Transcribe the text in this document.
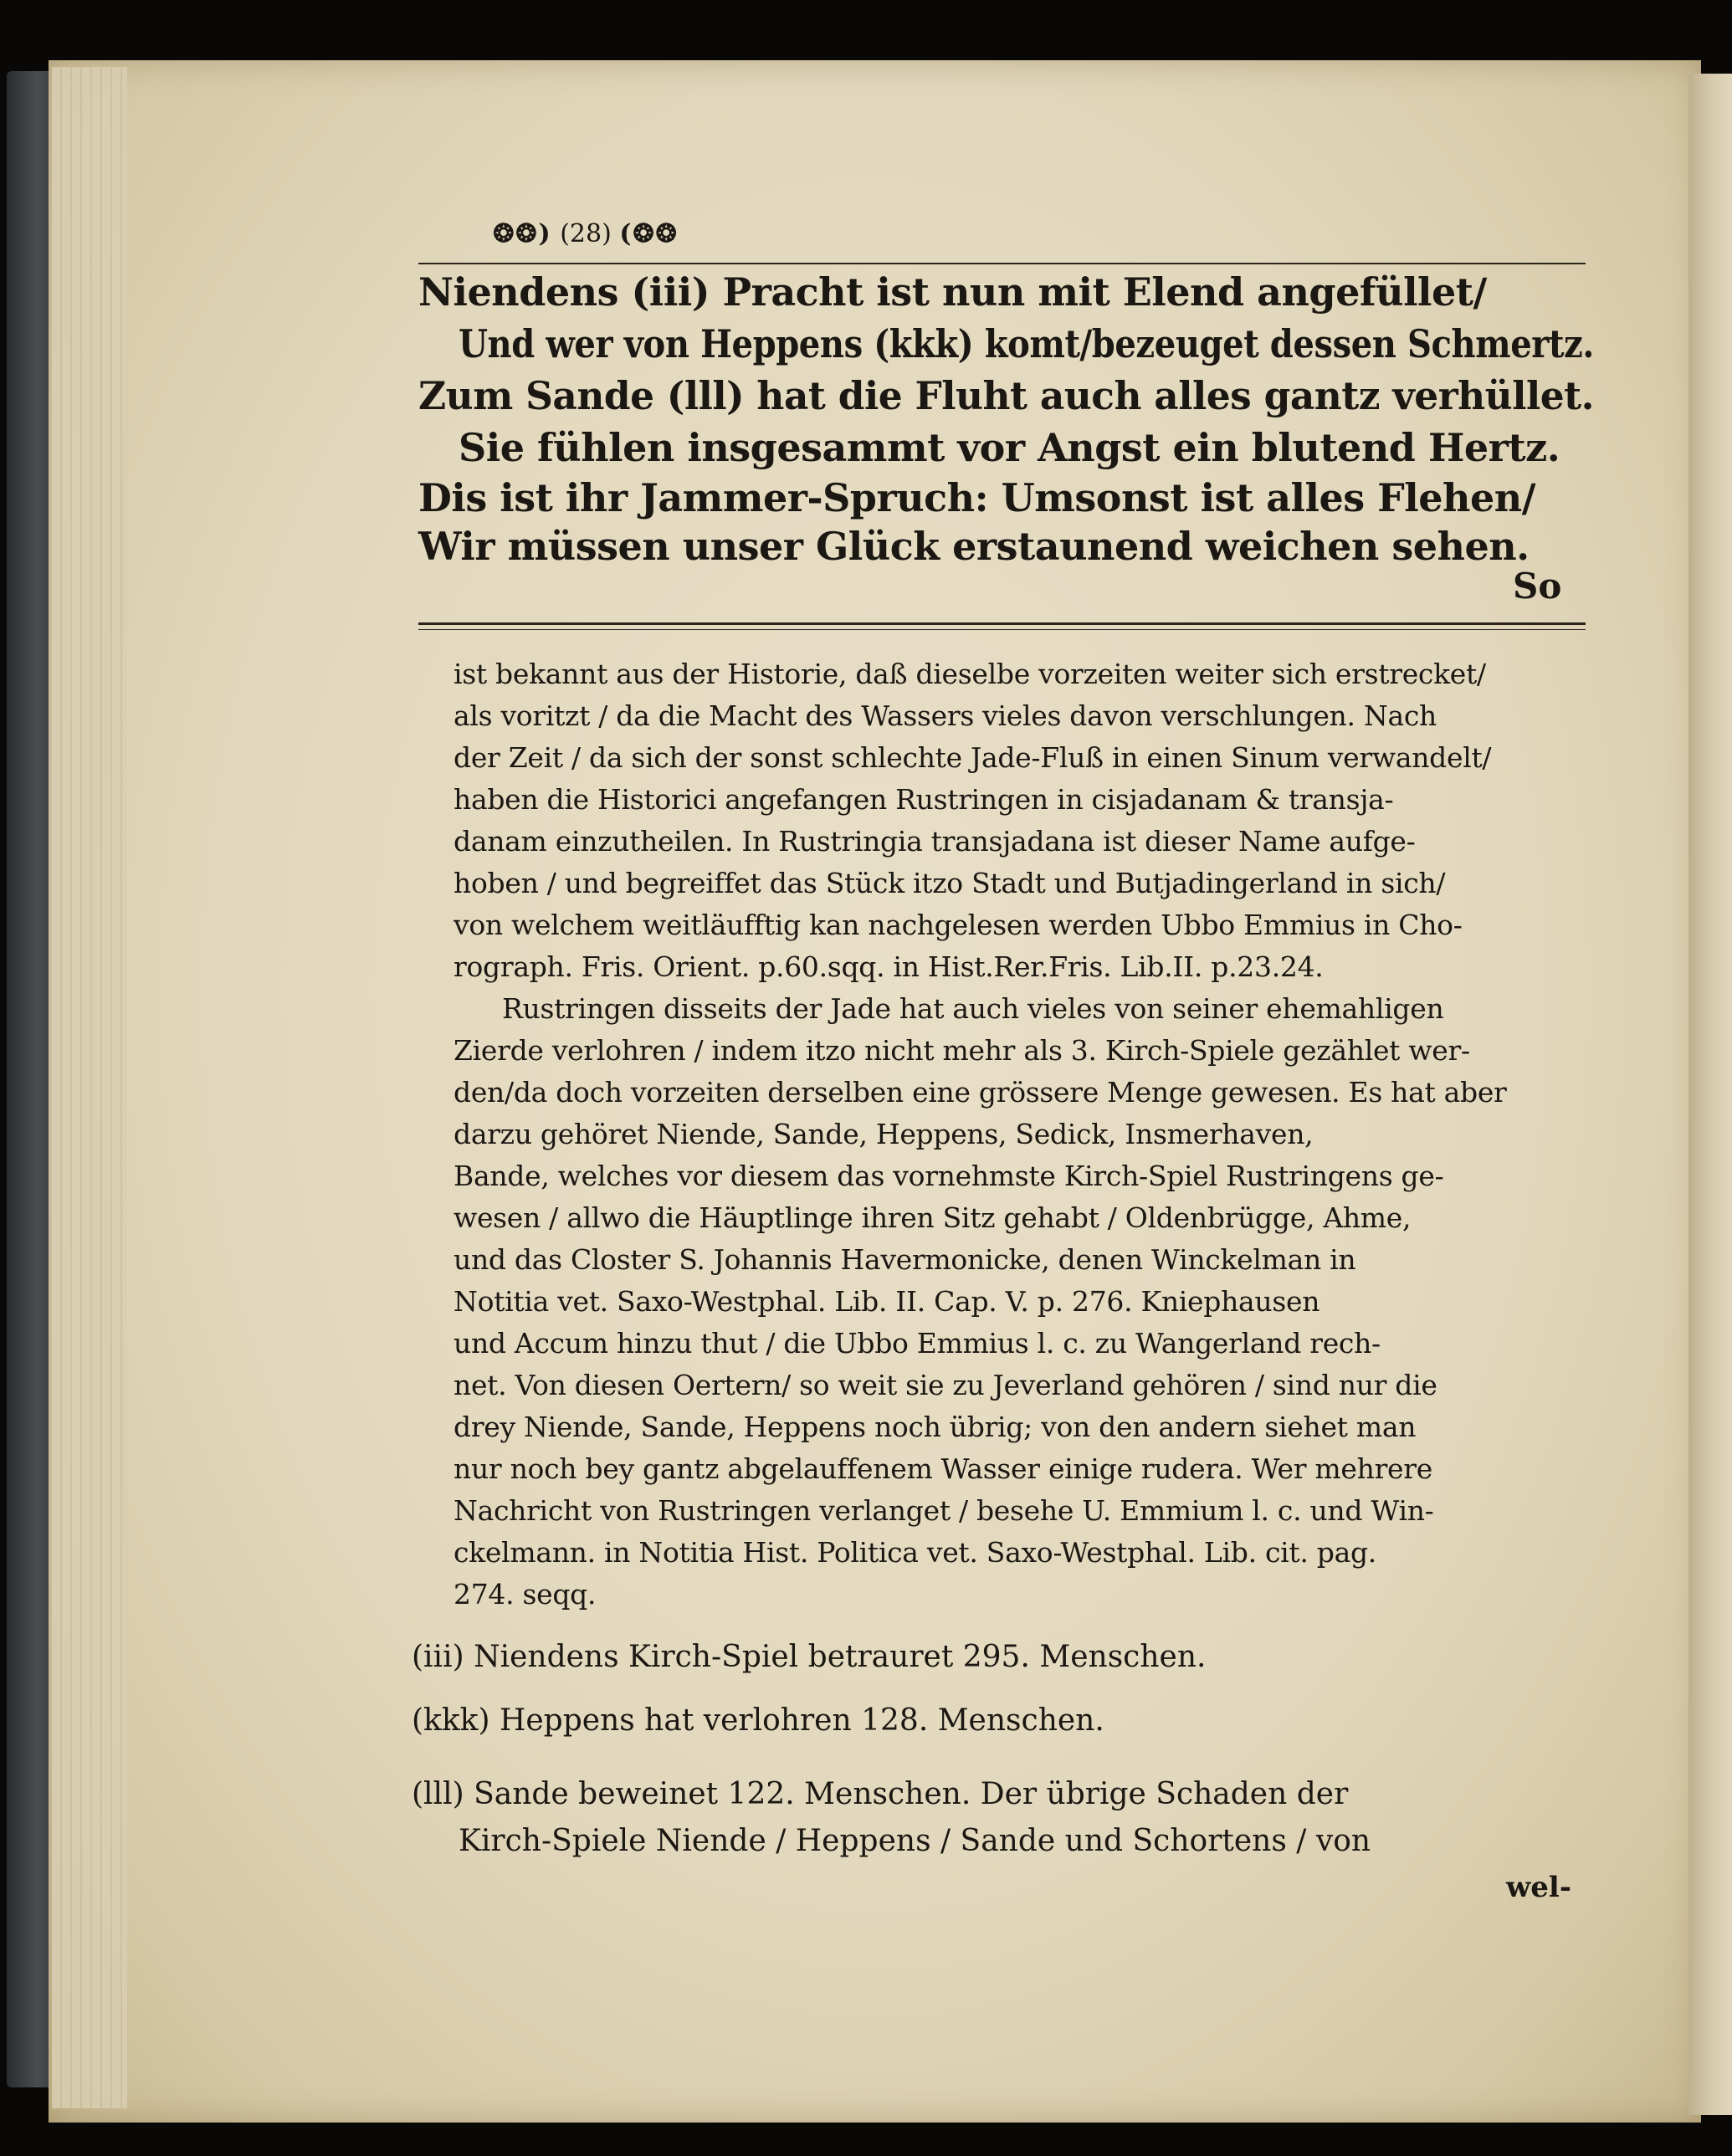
❂❂) (28) (❂❂
Niendens (iii) Pracht ist nun mit Elend angefüllet/
Und wer von Heppens (kkk) komt/bezeuget dessen Schmertz.
Zum Sande (lll) hat die Fluht auch alles gantz verhüllet.
Sie fühlen insgesammt vor Angst ein blutend Hertz.
Dis ist ihr Jammer-Spruch: Umsonst ist alles Flehen/
Wir müssen unser Glück erstaunend weichen sehen.
So
ist bekannt aus der Historie, daß dieselbe vorzeiten weiter sich erstrecket/
als voritzt / da die Macht des Wassers vieles davon verschlungen. Nach
der Zeit / da sich der sonst schlechte Jade-Fluß in einen Sinum verwandelt/
haben die Historici angefangen Rustringen in cisjadanam & transja-
danam einzutheilen. In Rustringia transjadana ist dieser Name aufge-
hoben / und begreiffet das Stück itzo Stadt und Butjadingerland in sich/
von welchem weitläufftig kan nachgelesen werden Ubbo Emmius in Cho-
rograph. Fris. Orient. p.60.sqq. in Hist.Rer.Fris. Lib.II. p.23.24.
Rustringen disseits der Jade hat auch vieles von seiner ehemahligen
Zierde verlohren / indem itzo nicht mehr als 3. Kirch-Spiele gezählet wer-
den/da doch vorzeiten derselben eine grössere Menge gewesen. Es hat aber
darzu gehöret Niende, Sande, Heppens, Sedick, Insmerhaven,
Bande, welches vor diesem das vornehmste Kirch-Spiel Rustringens ge-
wesen / allwo die Häuptlinge ihren Sitz gehabt / Oldenbrügge, Ahme,
und das Closter S. Johannis Havermonicke, denen Winckelman in
Notitia vet. Saxo-Westphal. Lib. II. Cap. V. p. 276. Kniephausen
und Accum hinzu thut / die Ubbo Emmius l. c. zu Wangerland rech-
net. Von diesen Oertern/ so weit sie zu Jeverland gehören / sind nur die
drey Niende, Sande, Heppens noch übrig; von den andern siehet man
nur noch bey gantz abgelauffenem Wasser einige rudera. Wer mehrere
Nachricht von Rustringen verlanget / besehe U. Emmium l. c. und Win-
ckelmann. in Notitia Hist. Politica vet. Saxo-Westphal. Lib. cit. pag.
274. seqq.
(iii) Niendens Kirch-Spiel betrauret 295. Menschen.
(kkk) Heppens hat verlohren 128. Menschen.
(lll) Sande beweinet 122. Menschen. Der übrige Schaden der
Kirch-Spiele Niende / Heppens / Sande und Schortens / von
wel-
